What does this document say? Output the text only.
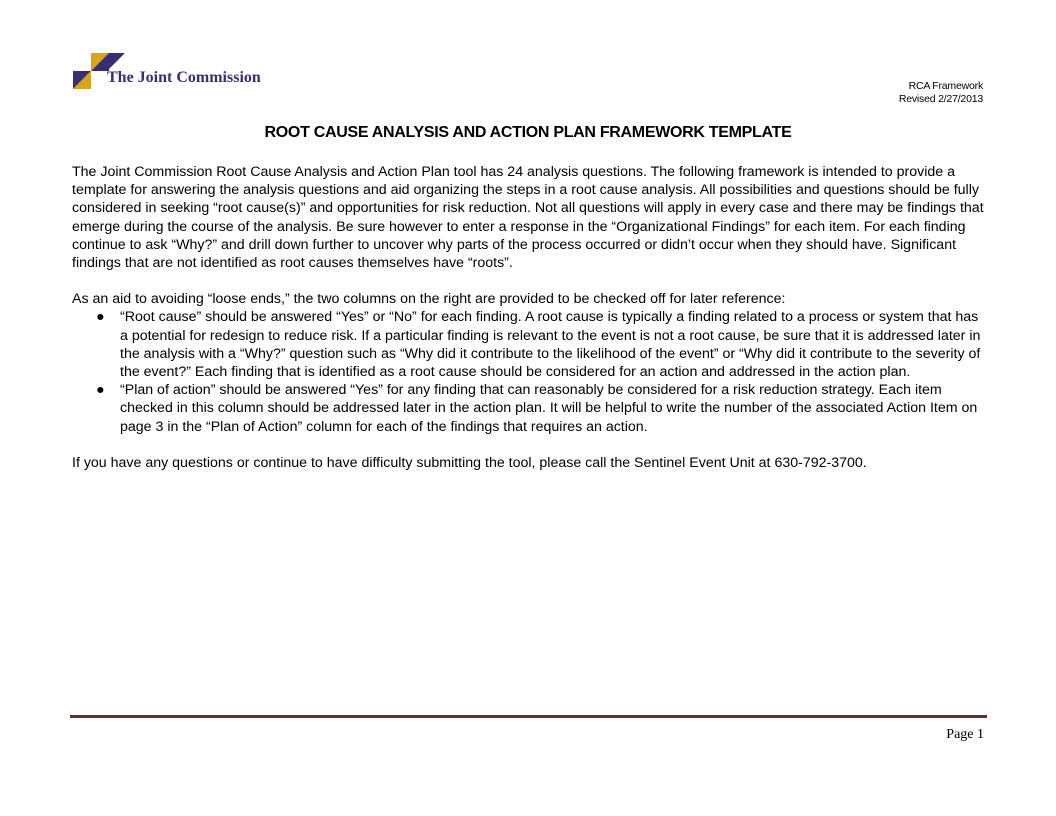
The Joint Commission	RCA Framework
Revised 2/27/2013
ROOT CAUSE ANALYSIS AND ACTION PLAN FRAMEWORK TEMPLATE

The Joint Commission Root Cause Analysis and Action Plan tool has 24 analysis questions. The following framework is intended to provide a template for answering the analysis questions and aid organizing the steps in a root cause analysis. All possibilities and questions should be fully considered in seeking “root cause(s)” and opportunities for risk reduction. Not all questions will apply in every case and there may be findings that emerge during the course of the analysis. Be sure however to enter a response in the “Organizational Findings” for each item. For each finding continue to ask “Why?” and drill down further to uncover why parts of the process occurred or didn’t occur when they should have. Significant findings that are not identified as root causes themselves have “roots”.

As an aid to avoiding “loose ends,” the two columns on the right are provided to be checked off for later reference:

● “Root cause” should be answered “Yes” or “No” for each finding. A root cause is typically a finding related to a process or system that has a potential for redesign to reduce risk. If a particular finding is relevant to the event is not a root cause, be sure that it is addressed later in the analysis with a “Why?” question such as “Why did it contribute to the likelihood of the event” or “Why did it contribute to the severity of the event?” Each finding that is identified as a root cause should be considered for an action and addressed in the action plan.
● “Plan of action” should be answered “Yes” for any finding that can reasonably be considered for a risk reduction strategy. Each item checked in this column should be addressed later in the action plan. It will be helpful to write the number of the associated Action Item on page 3 in the “Plan of Action” column for each of the findings that requires an action.

If you have any questions or continue to have difficulty submitting the tool, please call the Sentinel Event Unit at 630-792-3700.

Page 1
